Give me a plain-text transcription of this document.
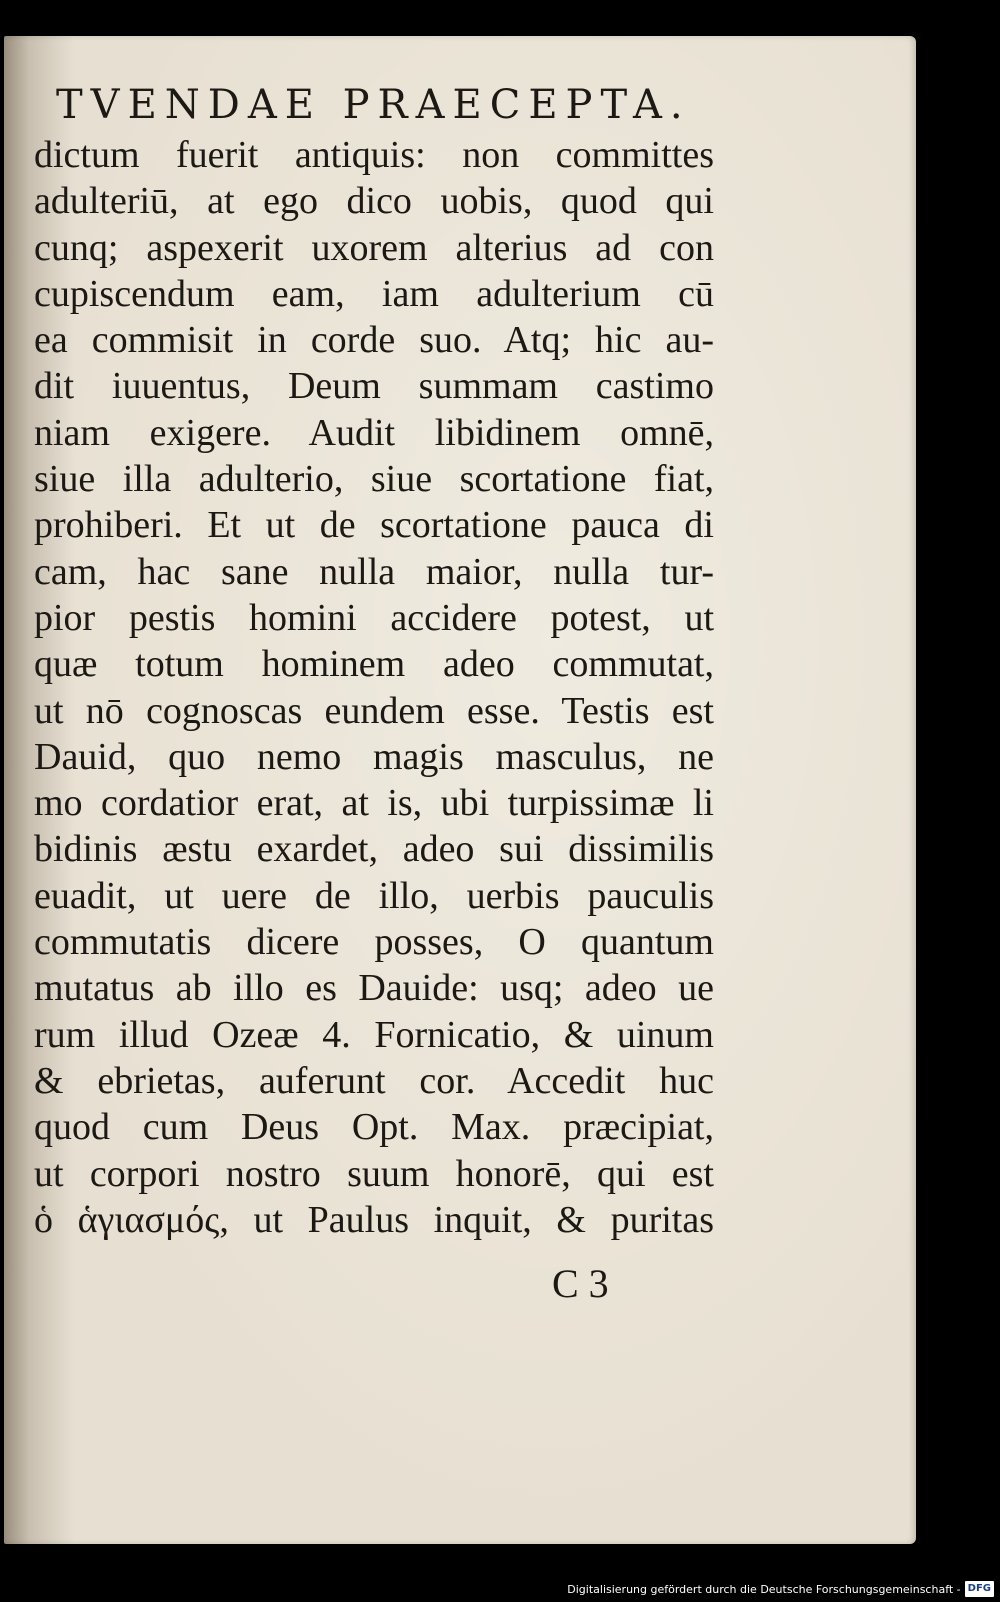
TVENDAE PRAECEPTA.
dictum fuerit antiquis: non committes
adulteriū, at ego dico uobis, quod qui
cunq; aspexerit uxorem alterius ad con
cupiscendum eam, iam adulterium cū
ea commisit in corde suo. Atq; hic au-
dit iuuentus, Deum summam castimo
niam exigere. Audit libidinem omnē,
siue illa adulterio, siue scortatione fiat,
prohiberi. Et ut de scortatione pauca di
cam, hac sane nulla maior, nulla tur-
pior pestis homini accidere potest, ut
quæ totum hominem adeo commutat,
ut nō cognoscas eundem esse. Testis est
Dauid, quo nemo magis masculus, ne
mo cordatior erat, at is, ubi turpissimæ li
bidinis æstu exardet, adeo sui dissimilis
euadit, ut uere de illo, uerbis pauculis
commutatis dicere posses, O quantum
mutatus ab illo es Dauide: usq; adeo ue
rum illud Ozeæ 4. Fornicatio, & uinum
& ebrietas, auferunt cor. Accedit huc
quod cum Deus Opt. Max. præcipiat,
ut corpori nostro suum honorē, qui est
ὁ ἁγιασμός, ut Paulus inquit, & puritas
C 3
Digitalisierung gefördert durch die Deutsche Forschungsgemeinschaft - DFG
